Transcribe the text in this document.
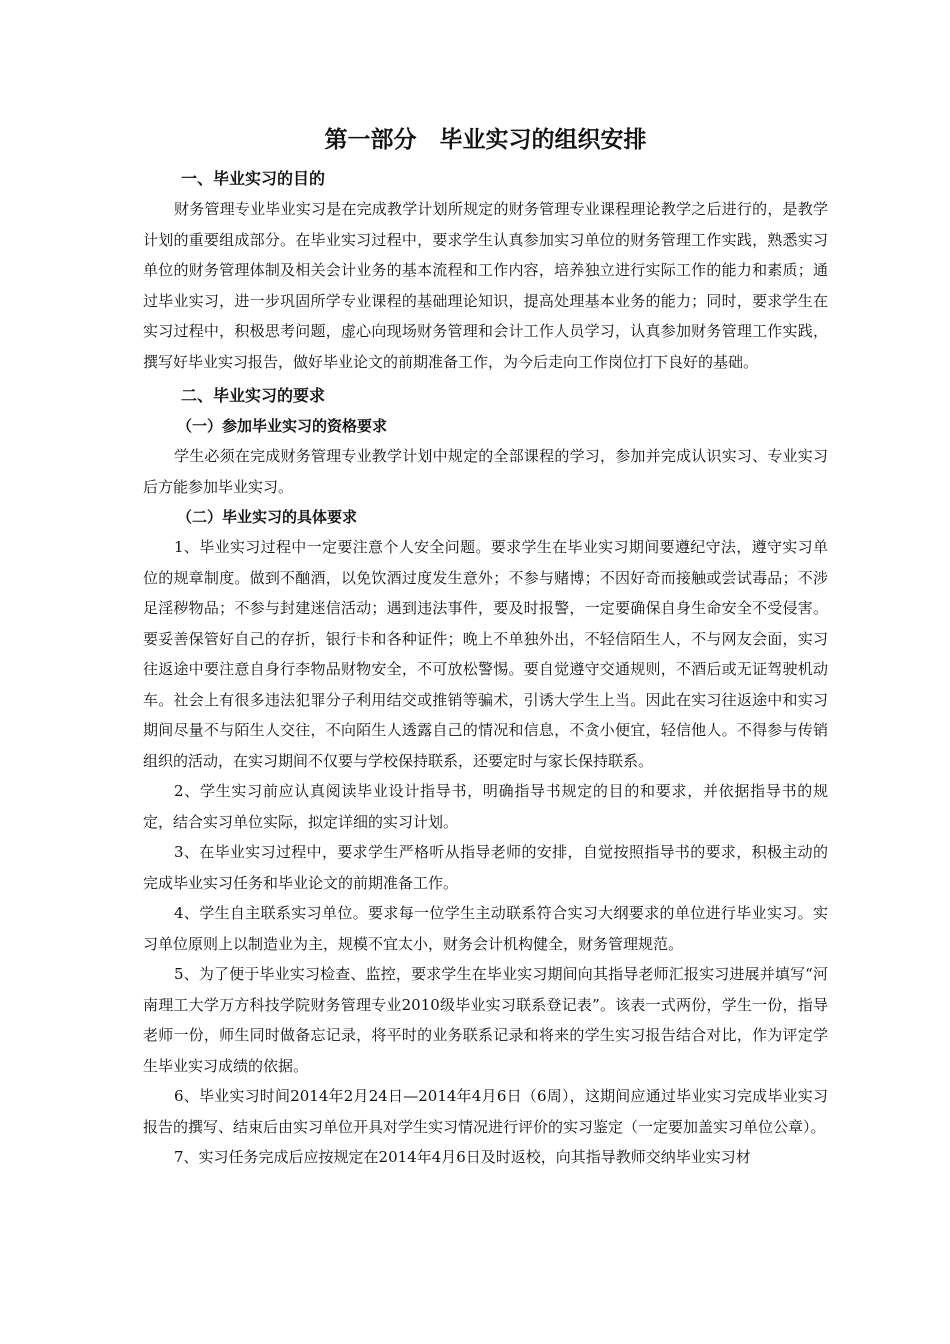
第一部分　毕业实习的组织安排
一、毕业实习的目的

财务管理专业毕业实习是在完成教学计划所规定的财务管理专业课程理论教学之后进行的，是教学计划的重要组成部分。在毕业实习过程中，要求学生认真参加实习单位的财务管理工作实践，熟悉实习单位的财务管理体制及相关会计业务的基本流程和工作内容，培养独立进行实际工作的能力和素质；通过毕业实习，进一步巩固所学专业课程的基础理论知识，提高处理基本业务的能力；同时，要求学生在实习过程中，积极思考问题，虚心向现场财务管理和会计工作人员学习，认真参加财务管理工作实践，撰写好毕业实习报告，做好毕业论文的前期准备工作，为今后走向工作岗位打下良好的基础。

二、毕业实习的要求
（一）参加毕业实习的资格要求

学生必须在完成财务管理专业教学计划中规定的全部课程的学习，参加并完成认识实习、专业实习后方能参加毕业实习。

（二）毕业实习的具体要求

1、毕业实习过程中一定要注意个人安全问题。要求学生在毕业实习期间要遵纪守法，遵守实习单位的规章制度。做到不酗酒，以免饮酒过度发生意外；不参与赌博；不因好奇而接触或尝试毒品；不涉足淫秽物品；不参与封建迷信活动；遇到违法事件，要及时报警，一定要确保自身生命安全不受侵害。要妥善保管好自己的存折，银行卡和各种证件；晚上不单独外出，不轻信陌生人，不与网友会面，实习往返途中要注意自身行李物品财物安全，不可放松警惕。要自觉遵守交通规则，不酒后或无证驾驶机动车。社会上有很多违法犯罪分子利用结交或推销等骗术，引诱大学生上当。因此在实习往返途中和实习期间尽量不与陌生人交往，不向陌生人透露自己的情况和信息，不贪小便宜，轻信他人。不得参与传销组织的活动，在实习期间不仅要与学校保持联系，还要定时与家长保持联系。

2、学生实习前应认真阅读毕业设计指导书，明确指导书规定的目的和要求，并依据指导书的规定，结合实习单位实际，拟定详细的实习计划。

3、在毕业实习过程中，要求学生严格听从指导老师的安排，自觉按照指导书的要求，积极主动的完成毕业实习任务和毕业论文的前期准备工作。

4、学生自主联系实习单位。要求每一位学生主动联系符合实习大纲要求的单位进行毕业实习。实习单位原则上以制造业为主，规模不宜太小，财务会计机构健全，财务管理规范。

5、为了便于毕业实习检查、监控，要求学生在毕业实习期间向其指导老师汇报实习进展并填写“河南理工大学万方科技学院财务管理专业2010级毕业实习联系登记表”。该表一式两份，学生一份，指导老师一份，师生同时做备忘记录，将平时的业务联系记录和将来的学生实习报告结合对比，作为评定学生毕业实习成绩的依据。

6、毕业实习时间2014年2月24日—2014年4月6日（6周），这期间应通过毕业实习完成毕业实习报告的撰写、结束后由实习单位开具对学生实习情况进行评价的实习鉴定（一定要加盖实习单位公章）。

7、实习任务完成后应按规定在2014年4月6日及时返校，向其指导教师交纳毕业实习材
